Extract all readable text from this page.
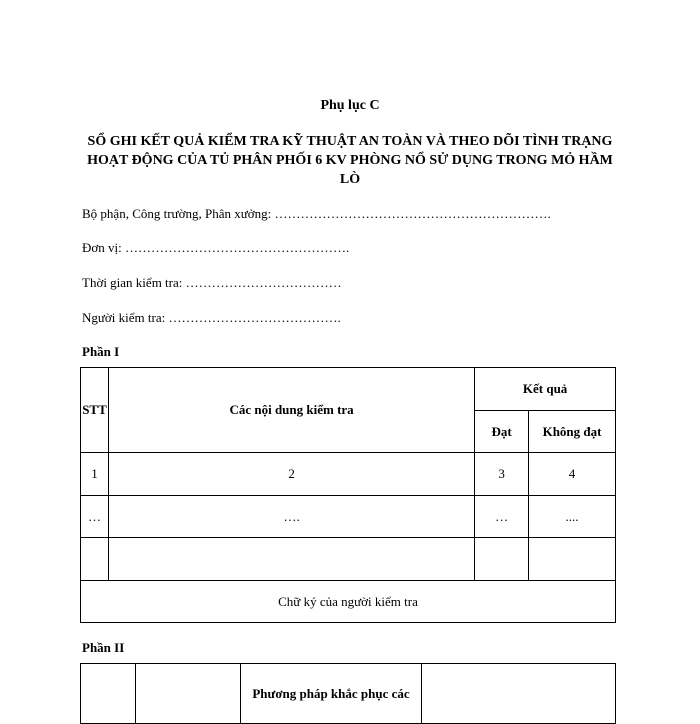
Phụ lục C
SỔ GHI KẾT QUẢ KIỂM TRA KỸ THUẬT AN TOÀN VÀ THEO DÕI TÌNH TRẠNG HOẠT ĐỘNG CỦA TỦ PHÂN PHỐI 6 KV PHÒNG NỔ SỬ DỤNG TRONG MỎ HẦM LÒ
Bộ phận, Công trường, Phân xưởng: ……………………………………………………….
Đơn vị: …………………………………………….
Thời gian kiểm tra: ………………………………
Người kiểm tra: ………………………………….
Phần I
STT	Các nội dung kiểm tra	Kết quả	
		Đạt	Không đạt
1	2	3	4
…	….	…	....

Chữ ký của người kiểm tra			
Phần II
		Phương pháp khắc phục các	
